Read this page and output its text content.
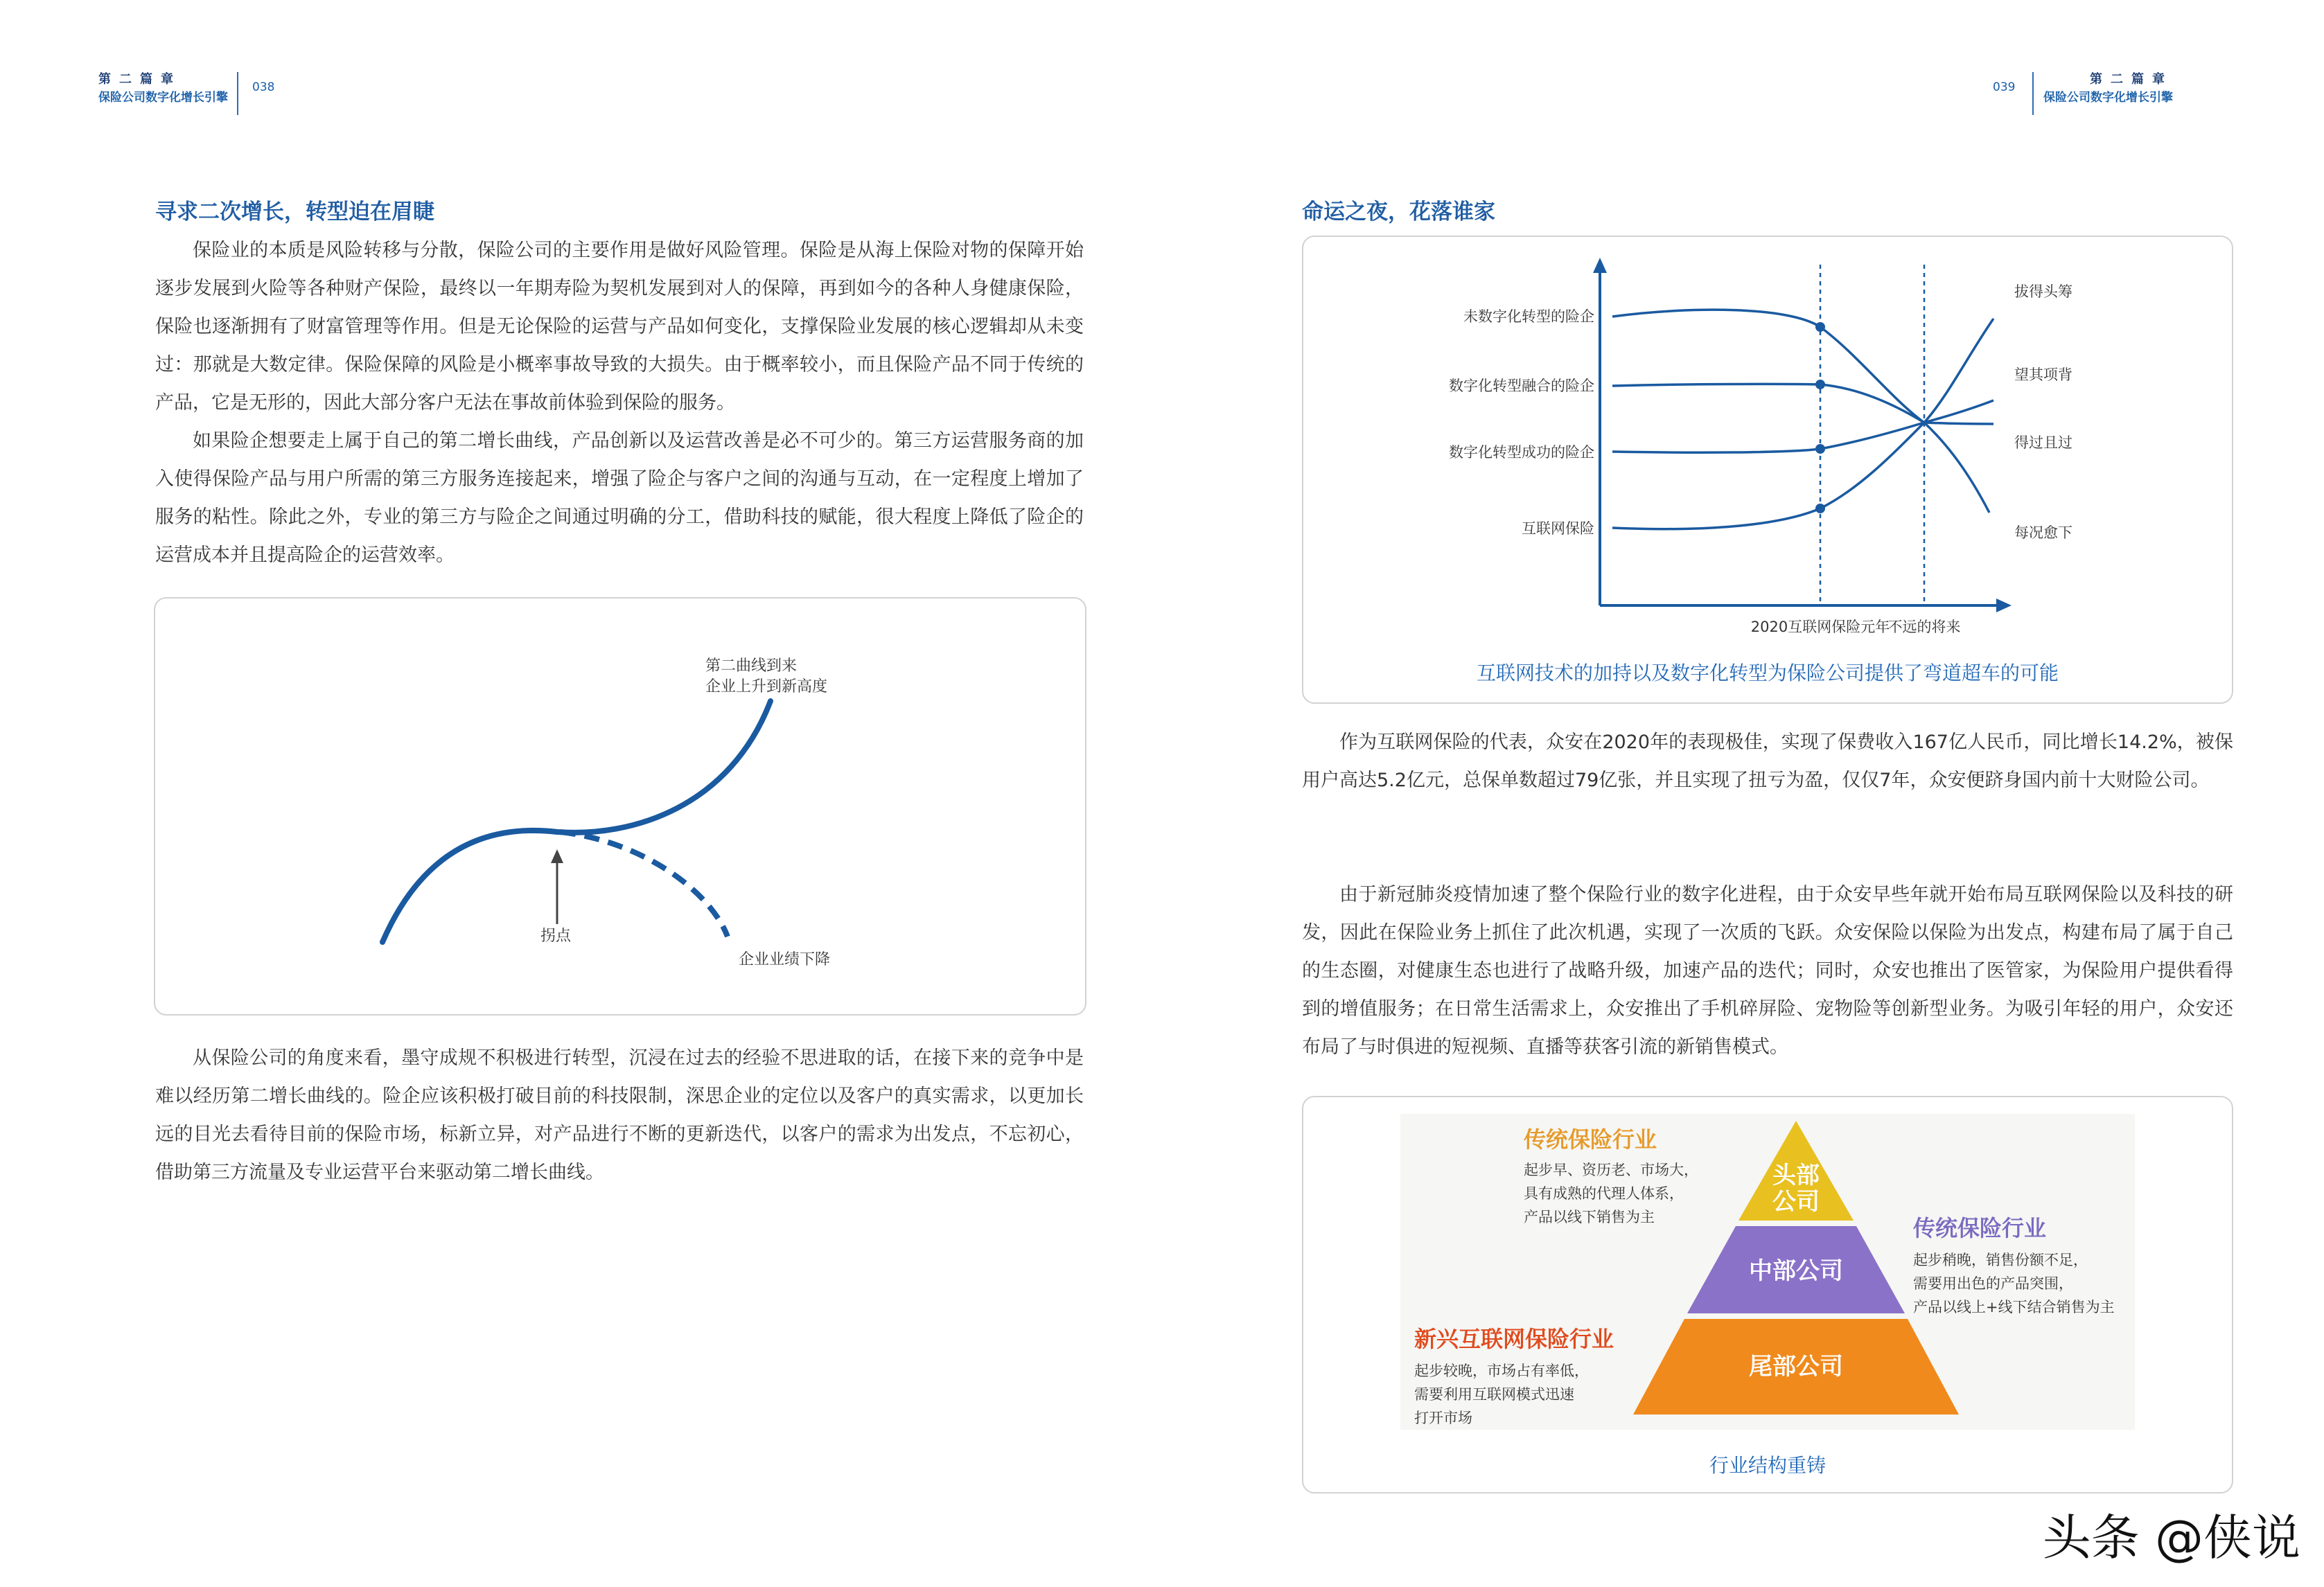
第二篇章
保险公司数字化增长引擎
038
寻求二次增长，转型迫在眉睫
保险业的本质是风险转移与分散，保险公司的主要作用是做好风险管理。保险是从海上保险对物的保障开始逐步发展到火险等各种财产保险，最终以一年期寿险为契机发展到对人的保障，再到如今的各种人身健康保险，保险也逐渐拥有了财富管理等作用。但是无论保险的运营与产品如何变化，支撑保险业发展的核心逻辑却从未变过：那就是大数定律。保险保障的风险是小概率事故导致的大损失。由于概率较小，而且保险产品不同于传统的产品，它是无形的，因此大部分客户无法在事故前体验到保险的服务。
如果险企想要走上属于自己的第二增长曲线，产品创新以及运营改善是必不可少的。第三方运营服务商的加入使得保险产品与用户所需的第三方服务连接起来，增强了险企与客户之间的沟通与互动，在一定程度上增加了服务的粘性。除此之外，专业的第三方与险企之间通过明确的分工，借助科技的赋能，很大程度上降低了险企的运营成本并且提高险企的运营效率。
第二曲线到来
企业上升到新高度
拐点
企业业绩下降
从保险公司的角度来看，墨守成规不积极进行转型，沉浸在过去的经验不思进取的话，在接下来的竞争中是难以经历第二增长曲线的。险企应该积极打破目前的科技限制，深思企业的定位以及客户的真实需求，以更加长远的目光去看待目前的保险市场，标新立异，对产品进行不断的更新迭代，以客户的需求为出发点，不忘初心，借助第三方流量及专业运营平台来驱动第二增长曲线。
039
第二篇章
保险公司数字化增长引擎
命运之夜，花落谁家
未数字化转型的险企
数字化转型融合的险企
数字化转型成功的险企
互联网保险
拔得头筹
望其项背
得过且过
每况愈下
2020互联网保险元年
不远的将来
互联网技术的加持以及数字化转型为保险公司提供了弯道超车的可能
作为互联网保险的代表，众安在2020年的表现极佳，实现了保费收入167亿人民币，同比增长14.2%，被保用户高达5.2亿元，总保单数超过79亿张，并且实现了扭亏为盈，仅仅7年，众安便跻身国内前十大财险公司。
由于新冠肺炎疫情加速了整个保险行业的数字化进程，由于众安早些年就开始布局互联网保险以及科技的研发，因此在保险业务上抓住了此次机遇，实现了一次质的飞跃。众安保险以保险为出发点，构建布局了属于自己的生态圈，对健康生态也进行了战略升级，加速产品的迭代；同时，众安也推出了医管家，为保险用户提供看得到的增值服务；在日常生活需求上，众安推出了手机碎屏险、宠物险等创新型业务。为吸引年轻的用户，众安还布局了与时俱进的短视频、直播等获客引流的新销售模式。
头部
公司
中部公司
尾部公司
传统保险行业
起步早、资历老、市场大，
具有成熟的代理人体系，
产品以线下销售为主	传统保险行业
起步稍晚，销售份额不足，
需要用出色的产品突围，
产品以线上+线下结合销售为主
新兴互联网保险行业
起步较晚，市场占有率低，
需要利用互联网模式迅速
打开市场
行业结构重铸
头条 @侠说
